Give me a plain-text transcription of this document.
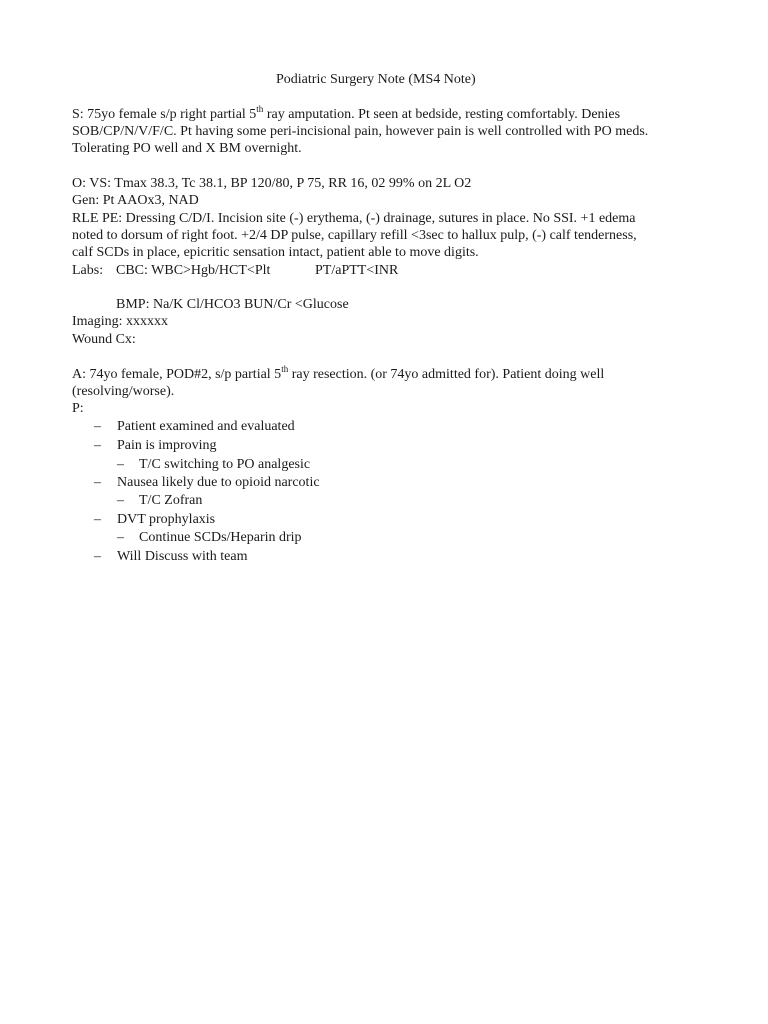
Podiatric Surgery Note (MS4 Note)
S: 75yo female s/p right partial 5th ray amputation. Pt seen at bedside, resting comfortably. Denies
SOB/CP/N/V/F/C. Pt having some peri-incisional pain, however pain is well controlled with PO meds.
Tolerating PO well and X BM overnight.
O: VS: Tmax 38.3, Tc 38.1, BP 120/80, P 75, RR 16, 02 99% on 2L O2
Gen: Pt AAOx3, NAD
RLE PE: Dressing C/D/I. Incision site (-) erythema, (-) drainage, sutures in place. No SSI. +1 edema
noted to dorsum of right foot. +2/4 DP pulse, capillary refill <3sec to hallux pulp, (-) calf tenderness,
calf SCDs in place, epicritic sensation intact, patient able to move digits.
Labs: CBC: WBC>Hgb/HCT<Plt	PT/aPTT<INR
BMP: Na/K Cl/HCO3 BUN/Cr <Glucose
Imaging: xxxxxx
Wound Cx:
A: 74yo female, POD#2, s/p partial 5th ray resection. (or 74yo admitted for). Patient doing well
(resolving/worse).
P:
– Patient examined and evaluated
– Pain is improving
– T/C switching to PO analgesic
– Nausea likely due to opioid narcotic
– T/C Zofran
– DVT prophylaxis
– Continue SCDs/Heparin drip
– Will Discuss with team
